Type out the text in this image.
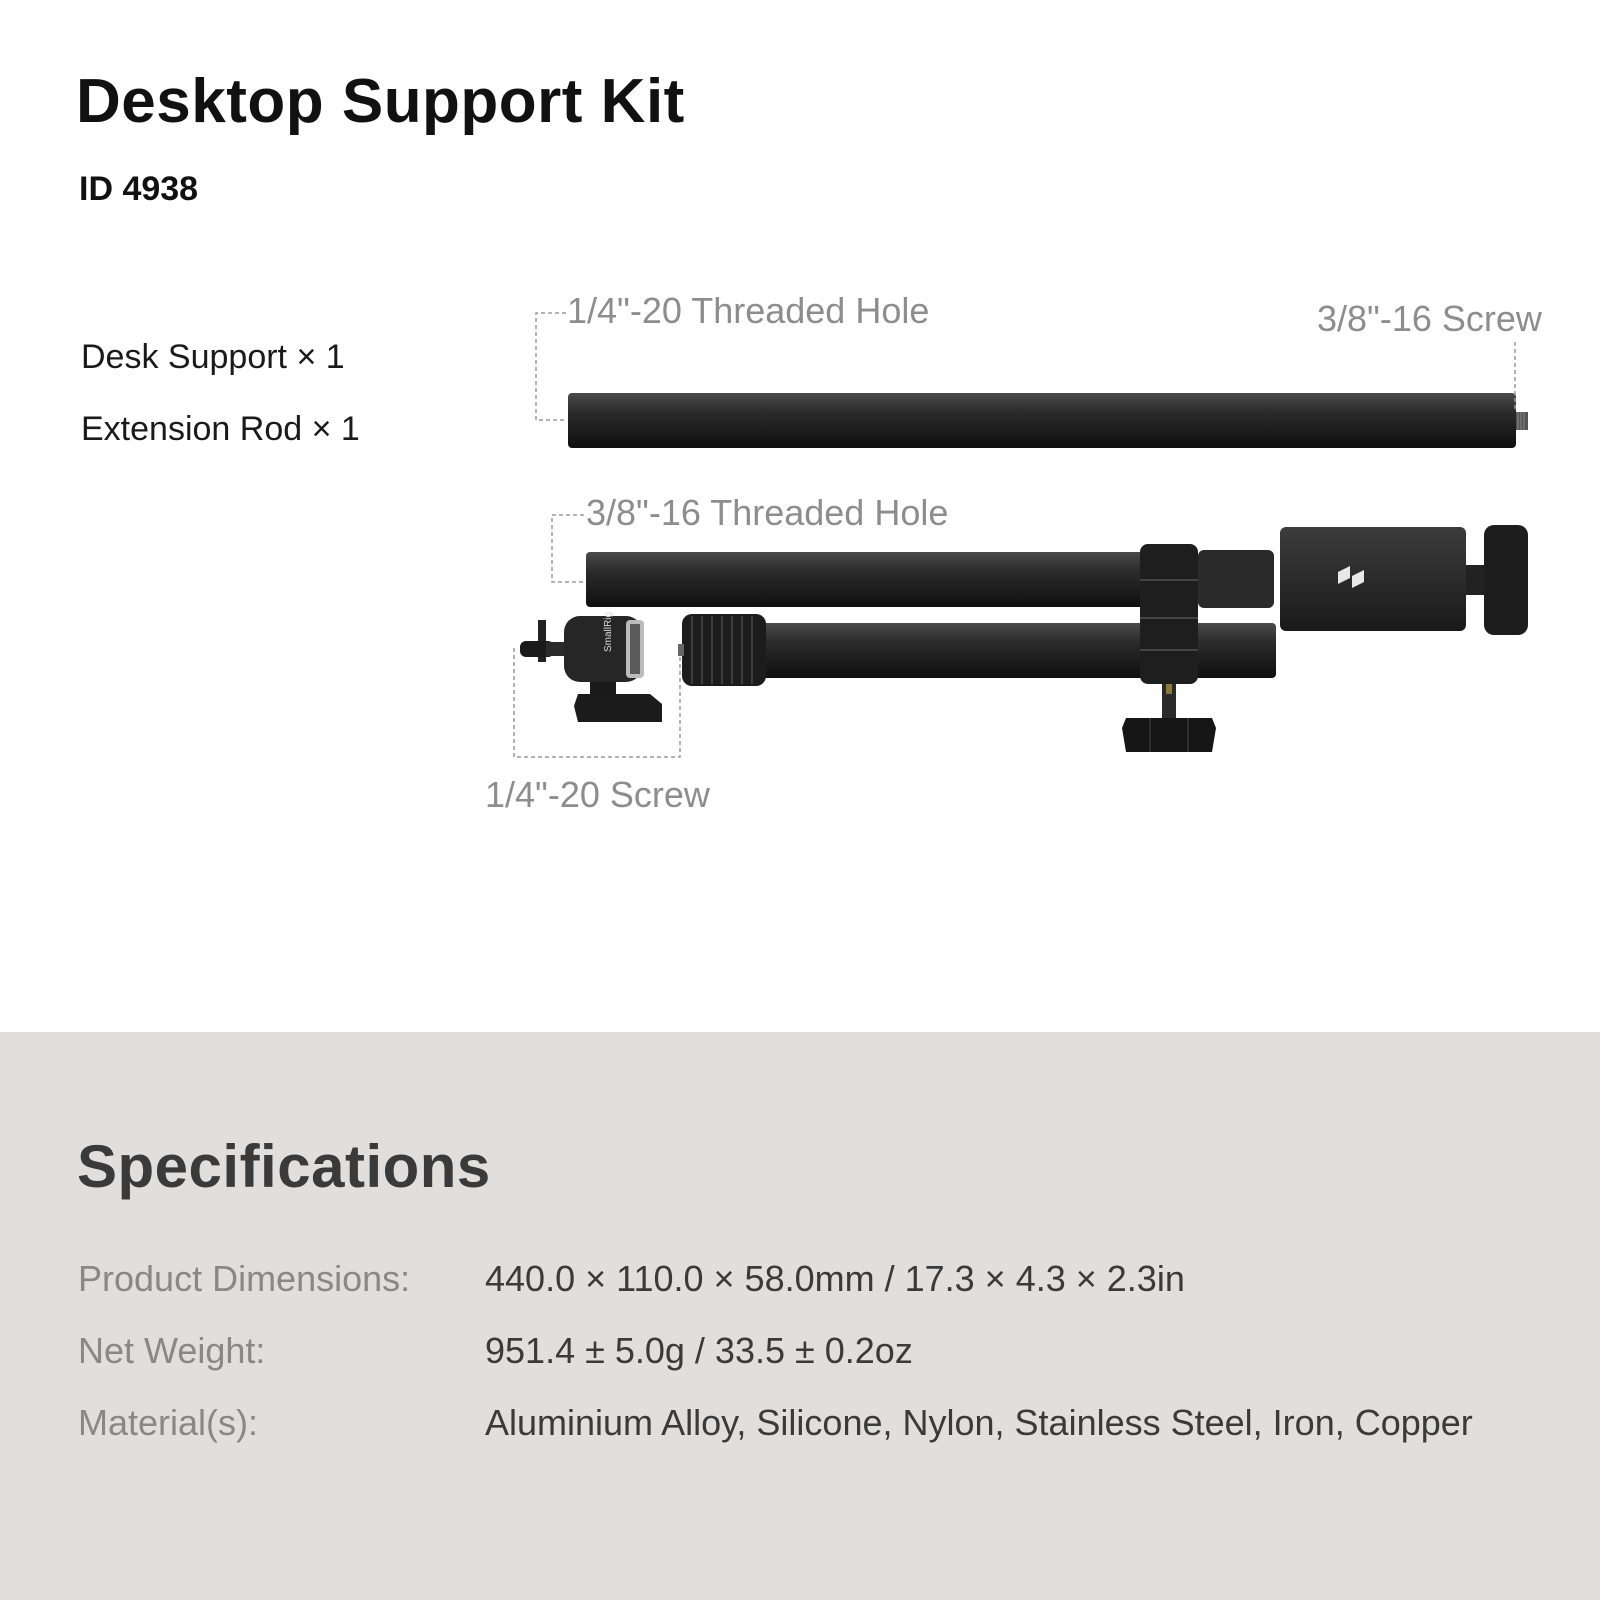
Desktop Support Kit
ID 4938
Desk Support × 1
Extension Rod × 1
1/4"-20 Threaded Hole	3/8"-16 Screw
3/8"-16 Threaded Hole
1/4"-20 Screw
SmallRig
Specifications
Product Dimensions: 440.0 × 110.0 × 58.0mm / 17.3 × 4.3 × 2.3in
Net Weight:	951.4 ± 5.0g / 33.5 ± 0.2oz
Material(s):	Aluminium Alloy, Silicone, Nylon, Stainless Steel, Iron, Copper
